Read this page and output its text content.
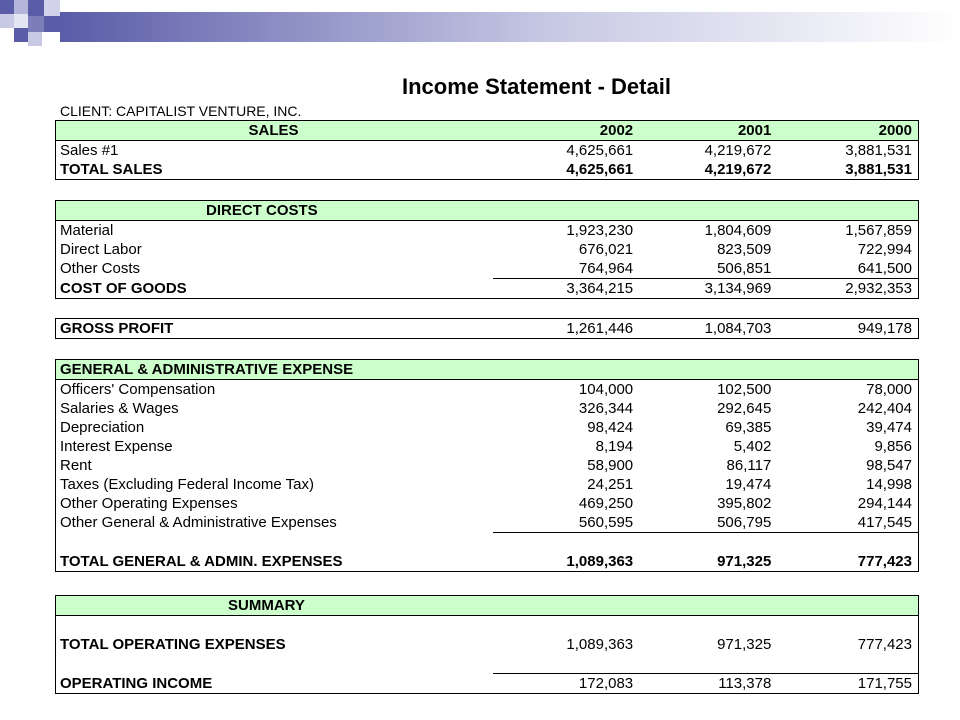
Income Statement - Detail
CLIENT: CAPITALIST VENTURE, INC.
SALES	2002	2001	2000
Sales #1	4,625,661	4,219,672	3,881,531
TOTAL SALES	4,625,661	4,219,672	3,881,531
DIRECT COSTS			
Material	1,923,230	1,804,609	1,567,859
Direct Labor	676,021	823,509	722,994
Other Costs	764,964	506,851	641,500
COST OF GOODS	3,364,215	3,134,969	2,932,353
GROSS PROFIT	1,261,446	1,084,703	949,178
GENERAL & ADMINISTRATIVE EXPENSE			
Officers' Compensation	104,000	102,500	78,000
Salaries & Wages	326,344	292,645	242,404
Depreciation	98,424	69,385	39,474
Interest Expense	8,194	5,402	9,856
Rent	58,900	86,117	98,547
Taxes (Excluding Federal Income Tax)	24,251	19,474	14,998
Other Operating Expenses	469,250	395,802	294,144
Other General & Administrative Expenses	560,595	506,795	417,545

TOTAL GENERAL & ADMIN. EXPENSES	1,089,363	971,325	777,423
SUMMARY			

TOTAL OPERATING EXPENSES	1,089,363	971,325	777,423

OPERATING INCOME	172,083	113,378	171,755
